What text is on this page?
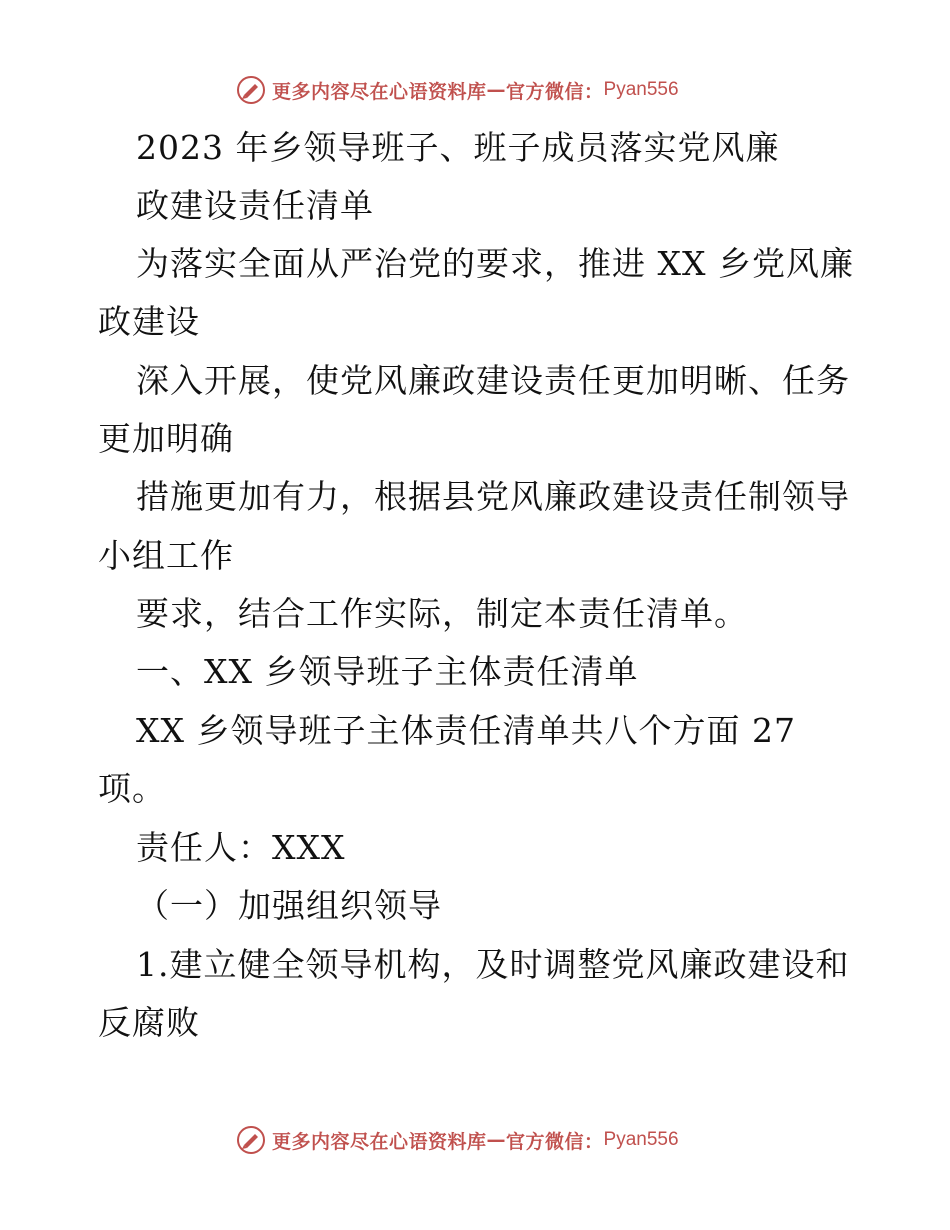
更多内容尽在心语资料库 — 官方微信： Pyan556
2023 年乡领导班子、班子成员落实党风廉
政建设责任清单
为落实全面从严治党的要求，推进 XX 乡党风廉
政建设
深入开展，使党风廉政建设责任更加明晰、任务
更加明确
措施更加有力，根据县党风廉政建设责任制领导
小组工作
要求，结合工作实际，制定本责任清单。
一、XX 乡领导班子主体责任清单
XX 乡领导班子主体责任清单共八个方面 27
项。
责任人：XXX
（一）加强组织领导
1.建立健全领导机构，及时调整党风廉政建设和
反腐败
更多内容尽在心语资料库 — 官方微信： Pyan556
